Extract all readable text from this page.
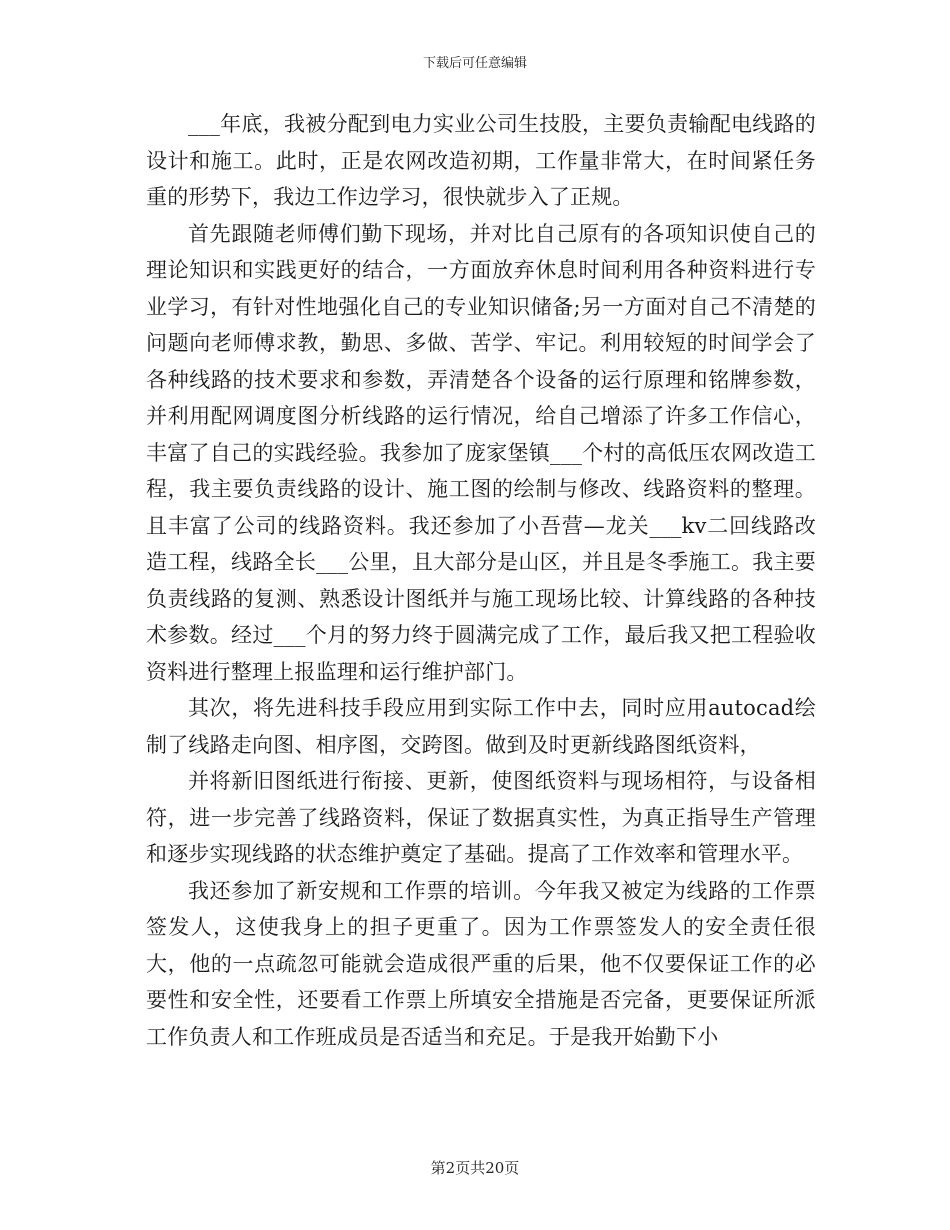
下载后可任意编辑

___年底，我被分配到电力实业公司生技股，主要负责输配电线路的设计和施工。此时，正是农网改造初期，工作量非常大，在时间紧任务重的形势下，我边工作边学习，很快就步入了正规。

首先跟随老师傅们勤下现场，并对比自己原有的各项知识使自己的理论知识和实践更好的结合，一方面放弃休息时间利用各种资料进行专业学习，有针对性地强化自己的专业知识储备;另一方面对自己不清楚的问题向老师傅求教，勤思、多做、苦学、牢记。利用较短的时间学会了各种线路的技术要求和参数，弄清楚各个设备的运行原理和铭牌参数，并利用配网调度图分析线路的运行情况，给自己增添了许多工作信心，丰富了自己的实践经验。我参加了庞家堡镇___个村的高低压农网改造工程，我主要负责线路的设计、施工图的绘制与修改、线路资料的整理。且丰富了公司的线路资料。我还参加了小吾营—龙关___kv二回线路改造工程，线路全长___公里，且大部分是山区，并且是冬季施工。我主要负责线路的复测、熟悉设计图纸并与施工现场比较、计算线路的各种技术参数。经过___个月的努力终于圆满完成了工作，最后我又把工程验收资料进行整理上报监理和运行维护部门。

其次，将先进科技手段应用到实际工作中去，同时应用autocad绘制了线路走向图、相序图，交跨图。做到及时更新线路图纸资料，

并将新旧图纸进行衔接、更新，使图纸资料与现场相符，与设备相符，进一步完善了线路资料，保证了数据真实性，为真正指导生产管理和逐步实现线路的状态维护奠定了基础。提高了工作效率和管理水平。

我还参加了新安规和工作票的培训。今年我又被定为线路的工作票签发人，这使我身上的担子更重了。因为工作票签发人的安全责任很大，他的一点疏忽可能就会造成很严重的后果，他不仅要保证工作的必要性和安全性，还要看工作票上所填安全措施是否完备，更要保证所派工作负责人和工作班成员是否适当和充足。于是我开始勤下小

第2页共20页
